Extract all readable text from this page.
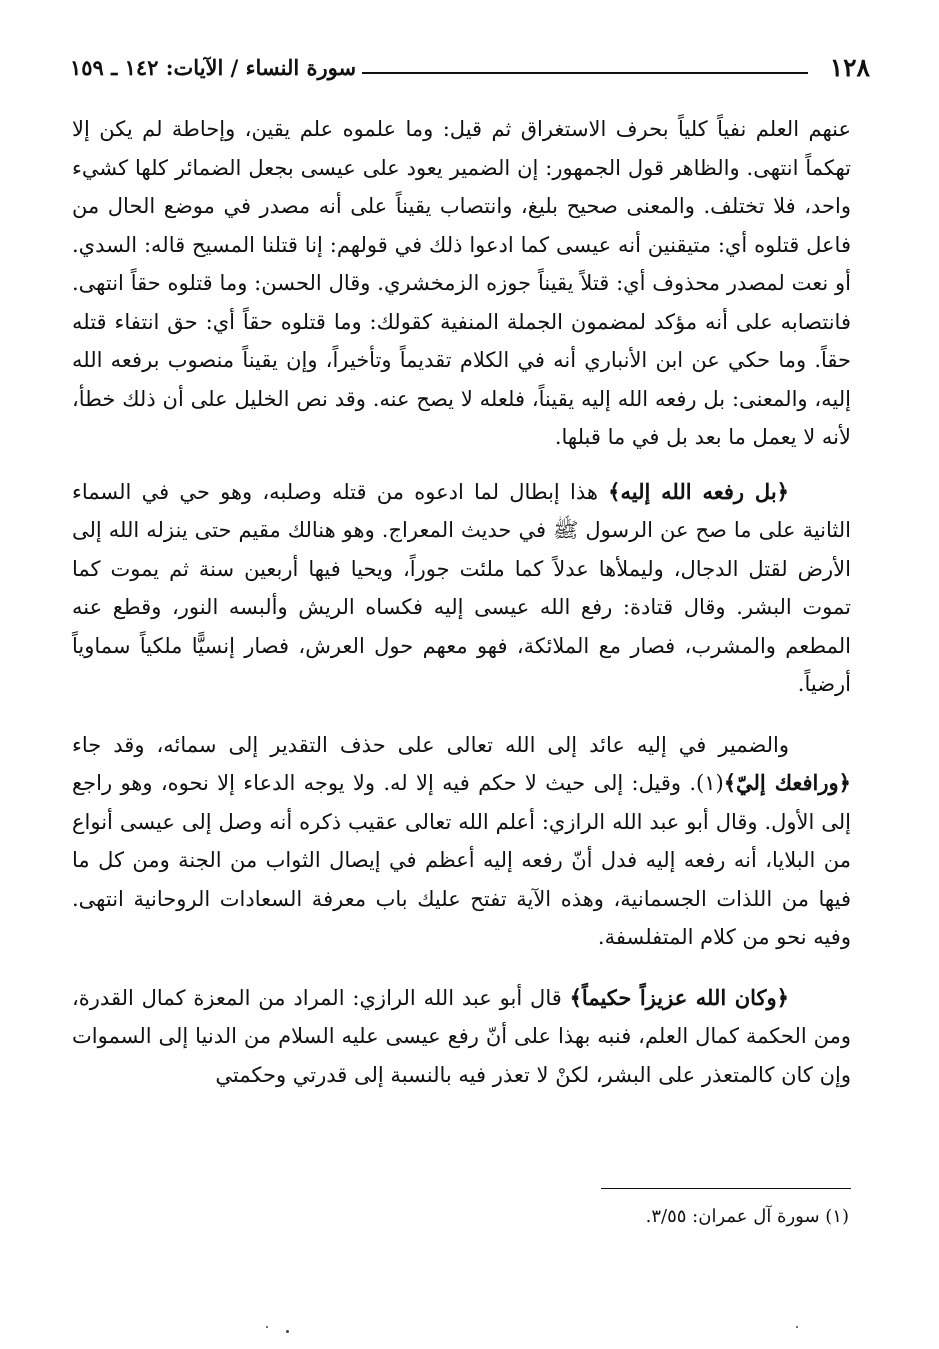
١٢٨
سورة النساء / الآيات: ١٤٢ ـ ١٥٩

عنهم العلم نفياً كلياً بحرف الاستغراق ثم قيل: وما علموه علم يقين، وإحاطة لم يكن إلا تهكماً انتهى. والظاهر قول الجمهور: إن الضمير يعود على عيسى بجعل الضمائر كلها كشيء واحد، فلا تختلف. والمعنى صحيح بليغ، وانتصاب يقيناً على أنه مصدر في موضع الحال من فاعل قتلوه أي: متيقنين أنه عيسى كما ادعوا ذلك في قولهم: إنا قتلنا المسيح قاله: السدي. أو نعت لمصدر محذوف أي: قتلاً يقيناً جوزه الزمخشري. وقال الحسن: وما قتلوه حقاً انتهى. فانتصابه على أنه مؤكد لمضمون الجملة المنفية كقولك: وما قتلوه حقاً أي: حق انتفاء قتله حقاً. وما حكي عن ابن الأنباري أنه في الكلام تقديماً وتأخيراً، وإن يقيناً منصوب برفعه الله إليه، والمعنى: بل رفعه الله إليه يقيناً، فلعله لا يصح عنه. وقد نص الخليل على أن ذلك خطأ، لأنه لا يعمل ما بعد بل في ما قبلها.

﴿بل رفعه الله إليه﴾ هذا إبطال لما ادعوه من قتله وصلبه، وهو حي في السماء الثانية على ما صح عن الرسول ﷺ في حديث المعراج. وهو هنالك مقيم حتى ينزله الله إلى الأرض لقتل الدجال، وليملأها عدلاً كما ملئت جوراً، ويحيا فيها أربعين سنة ثم يموت كما تموت البشر. وقال قتادة: رفع الله عيسى إليه فكساه الريش وألبسه النور، وقطع عنه المطعم والمشرب، فصار مع الملائكة، فهو معهم حول العرش، فصار إنسيًّا ملكياً سماوياً أرضياً.

والضمير في إليه عائد إلى الله تعالى على حذف التقدير إلى سمائه، وقد جاء ﴿ورافعك إليّ﴾(١). وقيل: إلى حيث لا حكم فيه إلا له. ولا يوجه الدعاء إلا نحوه، وهو راجع إلى الأول. وقال أبو عبد الله الرازي: أعلم الله تعالى عقيب ذكره أنه وصل إلى عيسى أنواع من البلايا، أنه رفعه إليه فدل أنّ رفعه إليه أعظم في إيصال الثواب من الجنة ومن كل ما فيها من اللذات الجسمانية، وهذه الآية تفتح عليك باب معرفة السعادات الروحانية انتهى. وفيه نحو من كلام المتفلسفة.

﴿وكان الله عزيزاً حكيماً﴾ قال أبو عبد الله الرازي: المراد من المعزة كمال القدرة، ومن الحكمة كمال العلم، فنبه بهذا على أنّ رفع عيسى عليه السلام من الدنيا إلى السموات وإن كان كالمتعذر على البشر، لكنْ لا تعذر فيه بالنسبة إلى قدرتي وحكمتي

(١) سورة آل عمران: ٣/٥٥.
